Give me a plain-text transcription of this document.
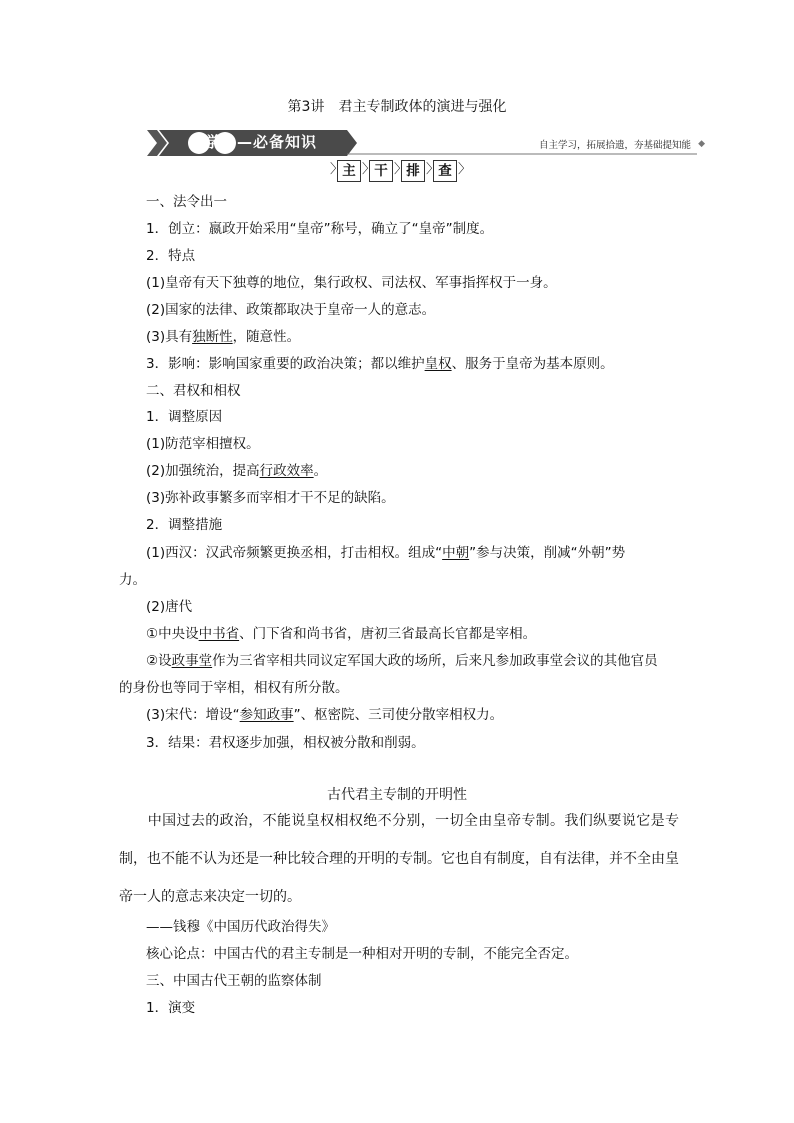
第3讲　君主专制政体的演进与强化
自学——必备知识	自主学习，拓展拾遗，夯基础提知能 ◆
〉主 〉干 〉排 〉查 〉
一、法令出一
1．创立：嬴政开始采用“皇帝”称号，确立了“皇帝”制度。
2．特点
(1)皇帝有天下独尊的地位，集行政权、司法权、军事指挥权于一身。
(2)国家的法律、政策都取决于皇帝一人的意志。
(3)具有独断性，随意性。
3．影响：影响国家重要的政治决策；都以维护皇权、服务于皇帝为基本原则。
二、君权和相权
1．调整原因
(1)防范宰相擅权。
(2)加强统治，提高行政效率。
(3)弥补政事繁多而宰相才干不足的缺陷。
2．调整措施
(1)西汉：汉武帝频繁更换丞相，打击相权。组成“中朝”参与决策，削减“外朝”势
力。
(2)唐代
①中央设中书省、门下省和尚书省，唐初三省最高长官都是宰相。
②设政事堂作为三省宰相共同议定军国大政的场所，后来凡参加政事堂会议的其他官员
的身份也等同于宰相，相权有所分散。
(3)宋代：增设“参知政事”、枢密院、三司使分散宰相权力。
3．结果：君权逐步加强，相权被分散和削弱。
古代君主专制的开明性
　　中国过去的政治，不能说皇权相权绝不分别，一切全由皇帝专制。我们纵要说它是专制，也不能不认为还是一种比较合理的开明的专制。它也自有制度，自有法律，并不全由皇帝一人的意志来决定一切的。
——钱穆《中国历代政治得失》
核心论点：中国古代的君主专制是一种相对开明的专制，不能完全否定。
三、中国古代王朝的监察体制
1．演变
